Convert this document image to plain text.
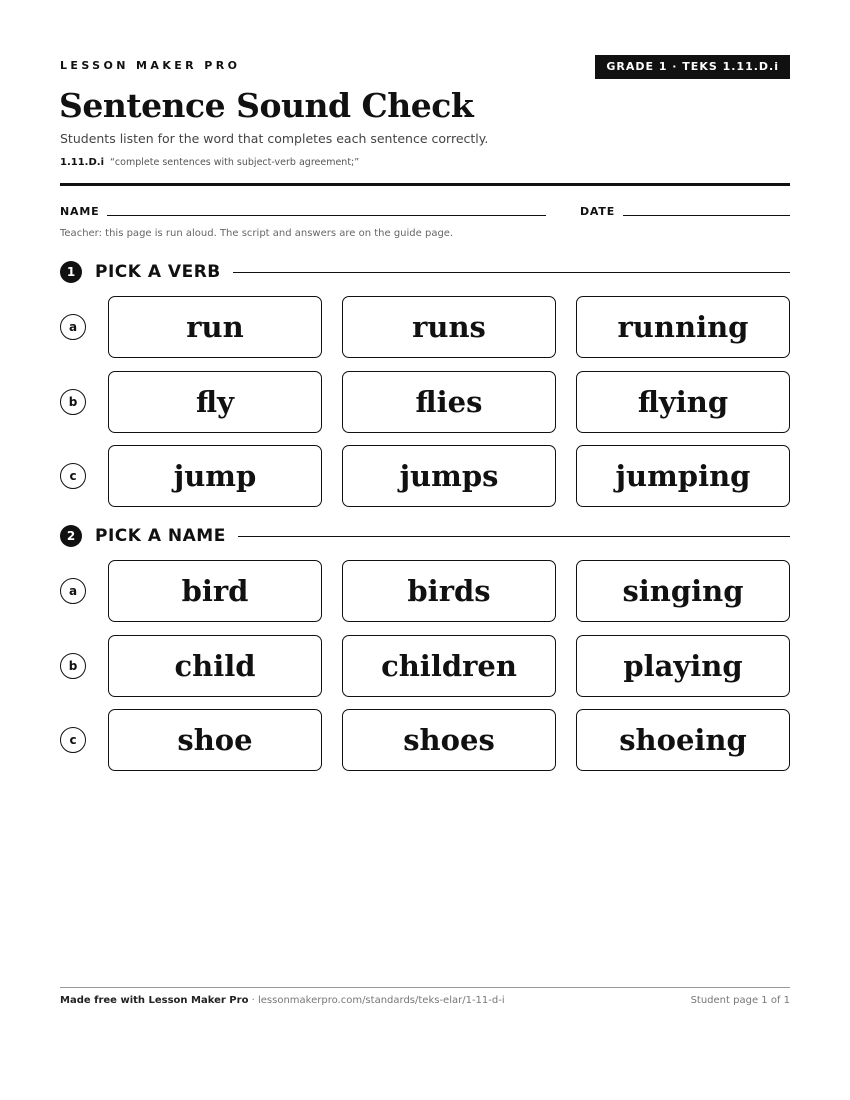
LESSON MAKER PRO	GRADE 1 · TEKS 1.11.D.i
Sentence Sound Check
Students listen for the word that completes each sentence correctly.
1.11.D.i “complete sentences with subject-verb agreement;”
NAME	DATE
Teacher: this page is run aloud. The script and answers are on the guide page.
1	PICK A VERB
a	run	runs	running
b	fly	flies	flying
c	jump	jumps	jumping
2	PICK A NAME
a	bird	birds	singing
b	child	children	playing
c	shoe	shoes	shoeing
Made free with Lesson Maker Pro · lessonmakerpro.com/standards/teks-elar/1-11-d-i	Student page 1 of 1
